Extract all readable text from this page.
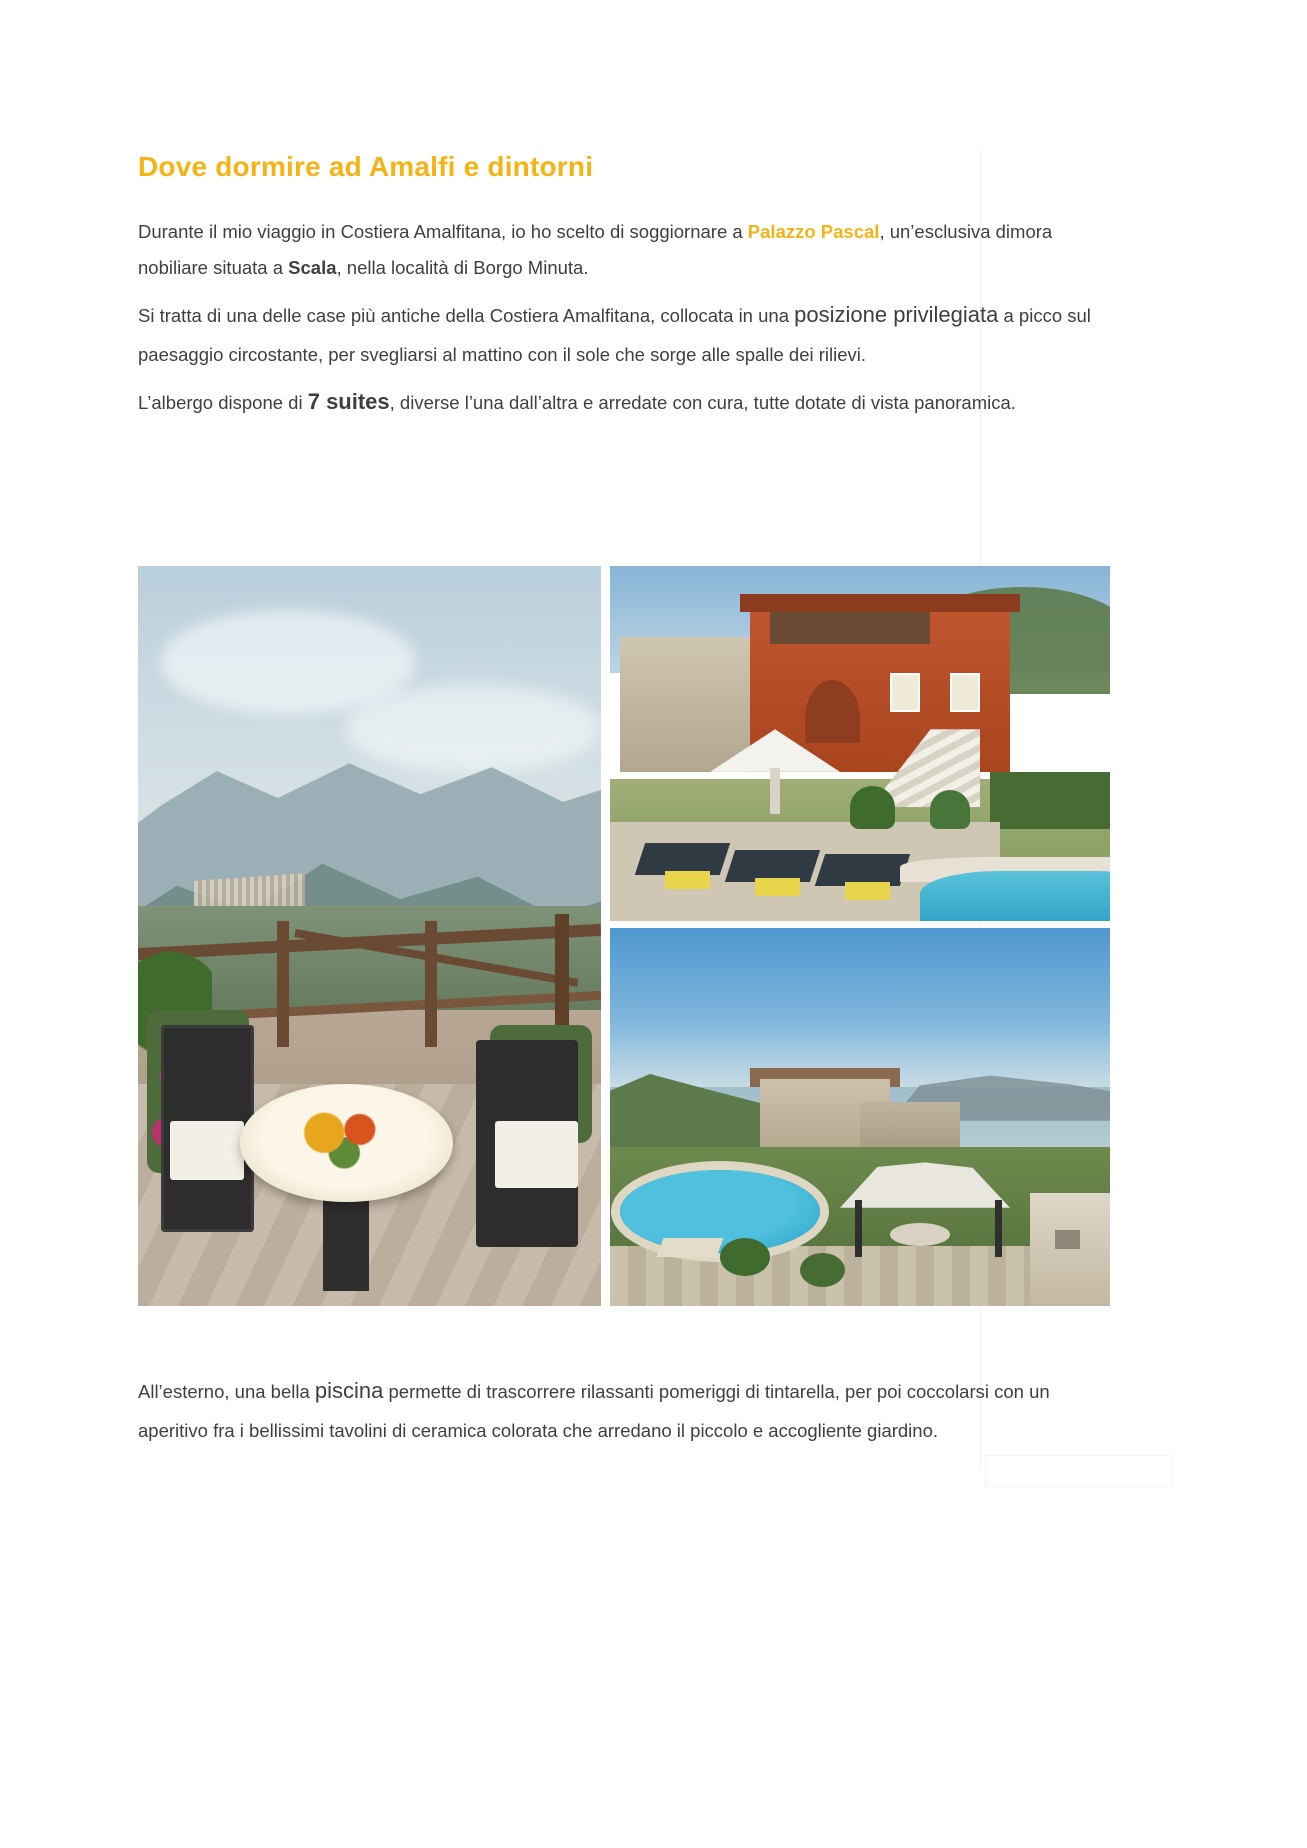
Dove dormire ad Amalfi e dintorni

Durante il mio viaggio in Costiera Amalfitana, io ho scelto di soggiornare a Palazzo Pascal, un’esclusiva dimora nobiliare situata a Scala, nella località di Borgo Minuta.

Si tratta di una delle case più antiche della Costiera Amalfitana, collocata in una posizione privilegiata a picco sul paesaggio circostante, per svegliarsi al mattino con il sole che sorge alle spalle dei rilievi.

L’albergo dispone di 7 suites, diverse l’una dall’altra e arredate con cura, tutte dotate di vista panoramica.

All’esterno, una bella piscina permette di trascorrere rilassanti pomeriggi di tintarella, per poi coccolarsi con un aperitivo fra i bellissimi tavolini di ceramica colorata che arredano il piccolo e accogliente giardino.
